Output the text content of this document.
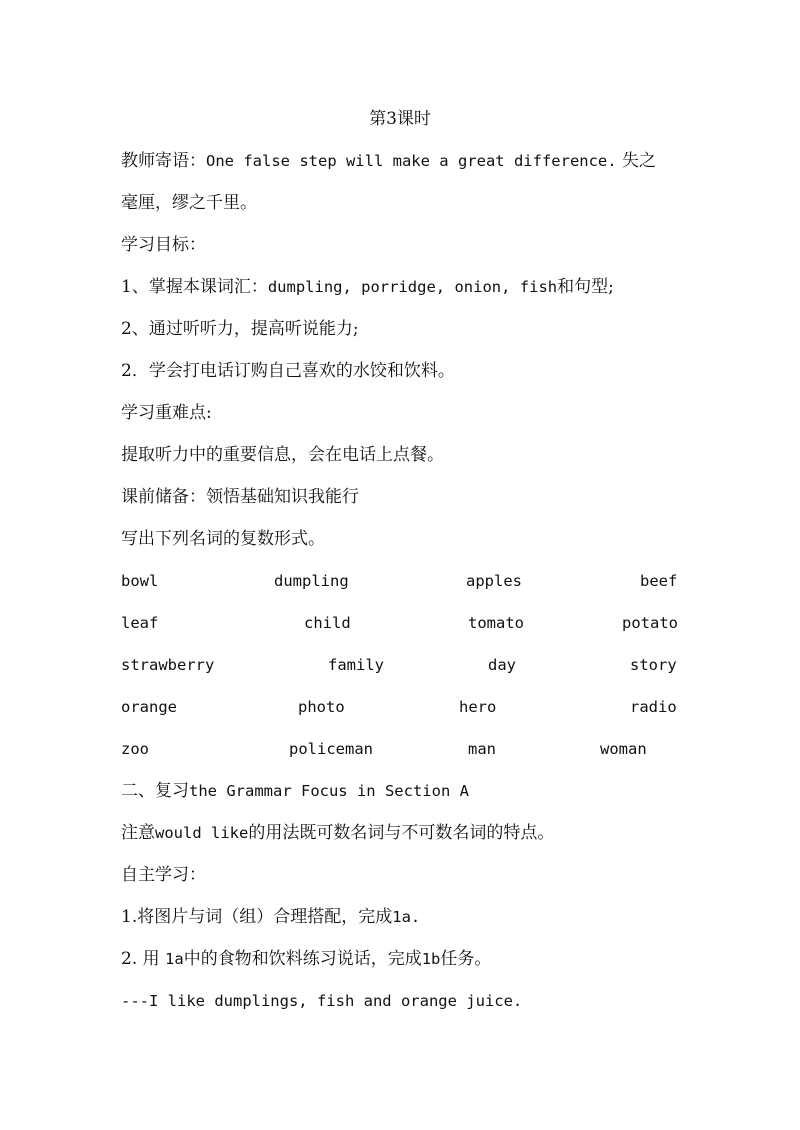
第3课时
教师寄语：One false step will make a great difference. 失之
毫厘，缪之千里。
学习目标：
1、掌握本课词汇：dumpling, porridge, onion, fish和句型;
2、通过听听力，提高听说能力;
2．学会打电话订购自己喜欢的水饺和饮料。
学习重难点:
提取听力中的重要信息，会在电话上点餐。
课前储备：领悟基础知识我能行
写出下列名词的复数形式。
bowl	dumpling	apples	beef
leaf	child	tomato	potato
strawberry	family	day	story
orange	photo	hero	radio
zoo	policeman	man	woman
二、复习the Grammar Focus in Section A
注意would like的用法既可数名词与不可数名词的特点。
自主学习：
1.将图片与词（组）合理搭配，完成1a.
2. 用 1a中的食物和饮料练习说话，完成1b任务。
---I like dumplings, fish and orange juice.
